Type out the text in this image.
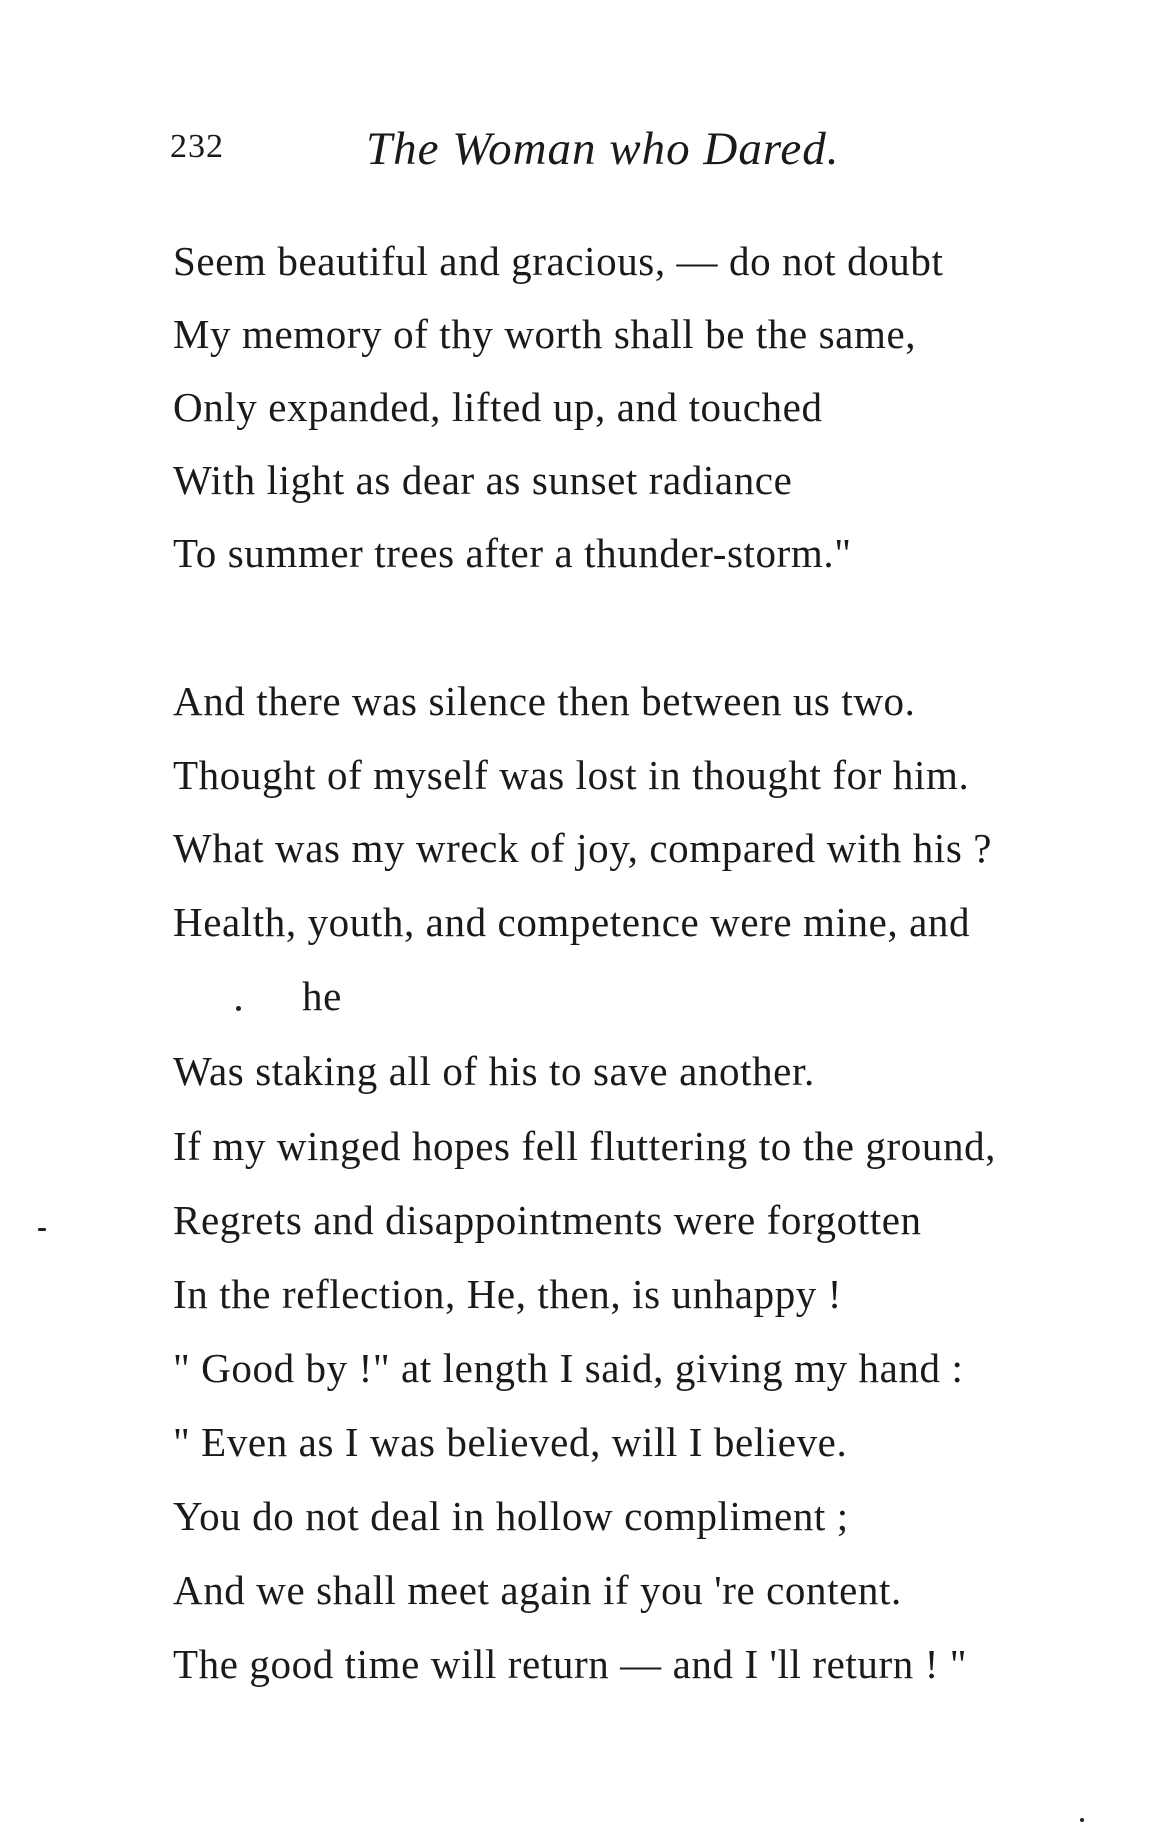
232	The Woman who Dared.
Seem beautiful and gracious, — do not doubt
My memory of thy worth shall be the same,
Only expanded, lifted up, and touched
With light as dear as sunset radiance
To summer trees after a thunder-storm."
And there was silence then between us two.
Thought of myself was lost in thought for him.
What was my wreck of joy, compared with his ?
Health, youth, and competence were mine, and
he
Was staking all of his to save another.
If my winged hopes fell fluttering to the ground,
Regrets and disappointments were forgotten
In the reflection, He, then, is unhappy !
" Good by !" at length I said, giving my hand :
" Even as I was believed, will I believe.
You do not deal in hollow compliment ;
And we shall meet again if you 're content.
The good time will return — and I 'll return ! "
